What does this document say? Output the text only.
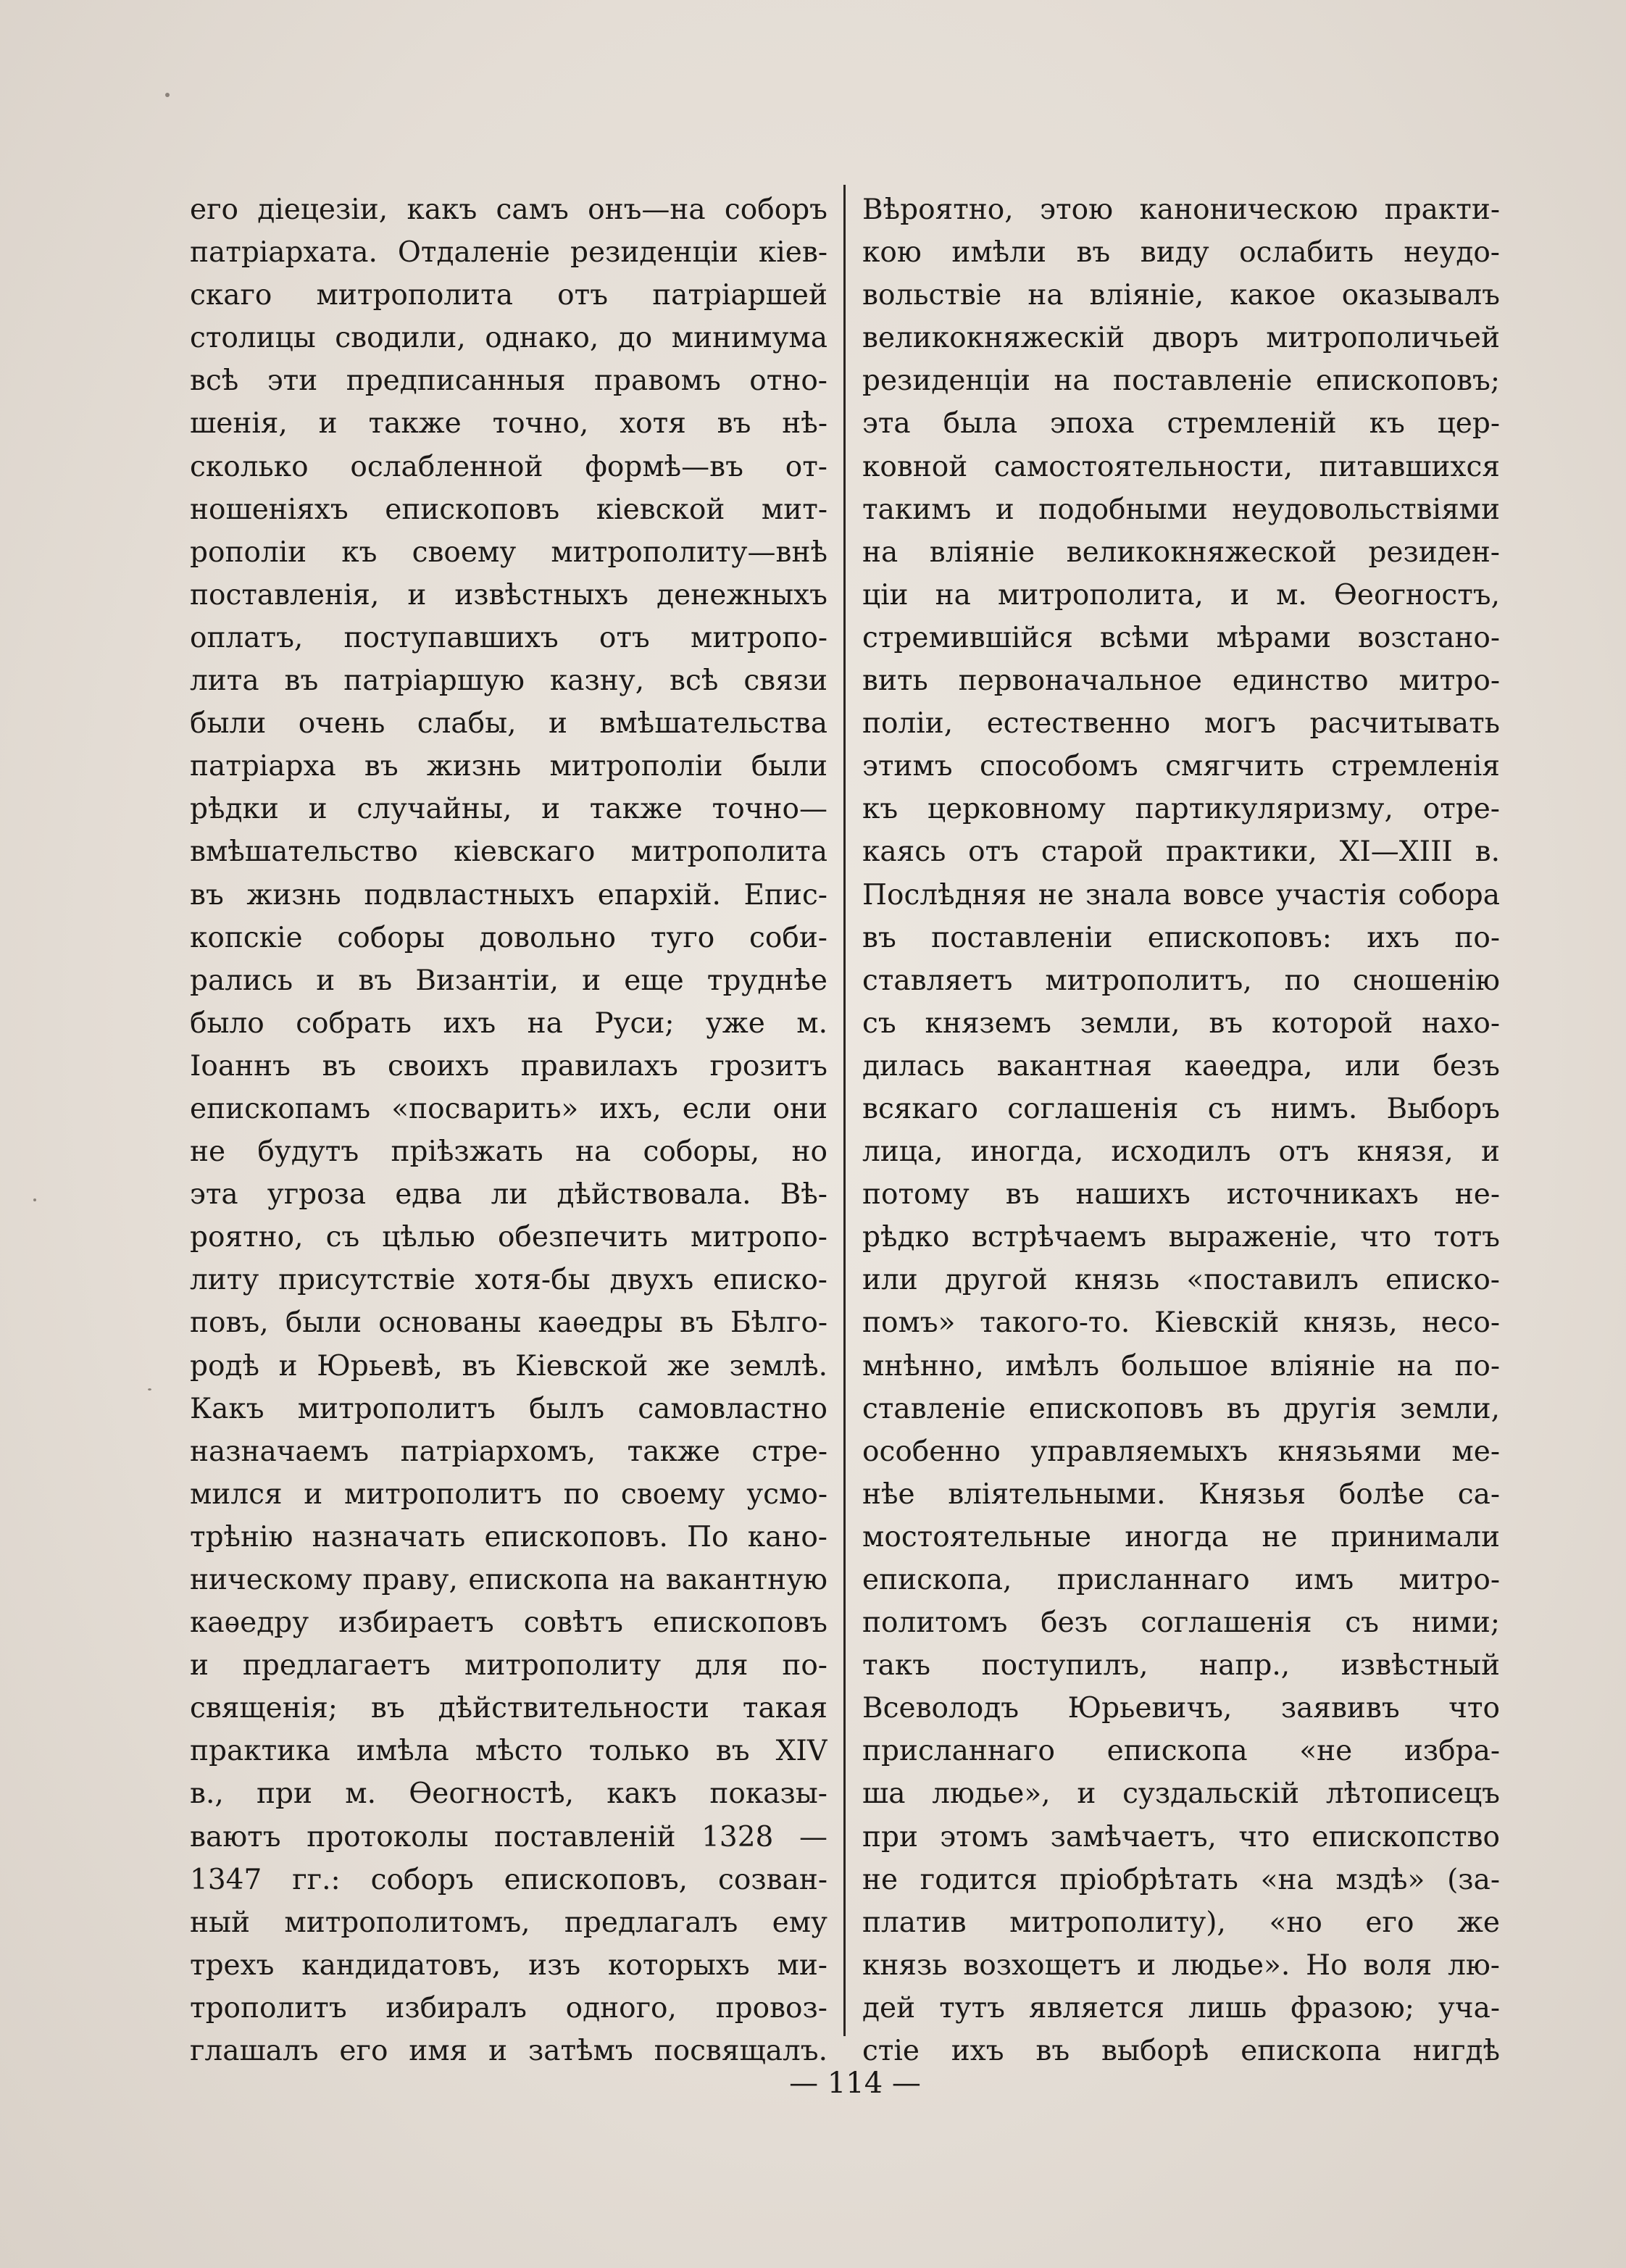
его діецезіи, какъ самъ онъ—на соборъ
патріархата. Отдаленіе резиденціи кіев-
скаго митрополита отъ патріаршей
столицы сводили, однако, до минимума
всѣ эти предписанныя правомъ отно-
шенія, и также точно, хотя въ нѣ-
сколько ослабленной формѣ—въ от-
ношеніяхъ епископовъ кіевской мит-
рополіи къ своему митрополиту—внѣ
поставленія, и извѣстныхъ денежныхъ
оплатъ, поступавшихъ отъ митропо-
лита въ патріаршую казну, всѣ связи
были очень слабы, и вмѣшательства
патріарха въ жизнь митрополіи были
рѣдки и случайны, и также точно—
вмѣшательство кіевскаго митрополита
въ жизнь подвластныхъ епархій. Епис-
копскіе соборы довольно туго соби-
рались и въ Византіи, и еще труднѣе
было собрать ихъ на Руси; уже м.
Іоаннъ въ своихъ правилахъ грозитъ
епископамъ «посварить» ихъ, если они
не будутъ пріѣзжать на соборы, но
эта угроза едва ли дѣйствовала. Вѣ-
роятно, съ цѣлью обезпечить митропо-
литу присутствіе хотя-бы двухъ еписко-
повъ, были основаны каѳедры въ Бѣлго-
родѣ и Юрьевѣ, въ Кіевской же землѣ.
Какъ митрополитъ былъ самовластно
назначаемъ патріархомъ, также стре-
мился и митрополитъ по своему усмо-
трѣнію назначать епископовъ. По кано-
ническому праву, епископа на вакантную
каѳедру избираетъ совѣтъ епископовъ
и предлагаетъ митрополиту для по-
священія; въ дѣйствительности такая
практика имѣла мѣсто только въ XIV
в., при м. Ѳеогностѣ, какъ показы-
ваютъ протоколы поставленій 1328 —
1347 гг.: соборъ епископовъ, созван-
ный митрополитомъ, предлагалъ ему
трехъ кандидатовъ, изъ которыхъ ми-
трополитъ избиралъ одного, провоз-
глашалъ его имя и затѣмъ посвящалъ.
Вѣроятно, этою каноническою практи-
кою имѣли въ виду ослабить неудо-
вольствіе на вліяніе, какое оказывалъ
великокняжескій дворъ митрополичьей
резиденціи на поставленіе епископовъ;
эта была эпоха стремленій къ цер-
ковной самостоятельности, питавшихся
такимъ и подобными неудовольствіями
на вліяніе великокняжеской резиден-
ціи на митрополита, и м. Ѳеогностъ,
стремившійся всѣми мѣрами возстано-
вить первоначальное единство митро-
поліи, естественно могъ расчитывать
этимъ способомъ смягчить стремленія
къ церковному партикуляризму, отре-
каясь отъ старой практики, XI—XIII в.
Послѣдняя не знала вовсе участія собора
въ поставленіи епископовъ: ихъ по-
ставляетъ митрополитъ, по сношенію
съ княземъ земли, въ которой нахо-
дилась вакантная каѳедра, или безъ
всякаго соглашенія съ нимъ. Выборъ
лица, иногда, исходилъ отъ князя, и
потому въ нашихъ источникахъ не-
рѣдко встрѣчаемъ выраженіе, что тотъ
или другой князь «поставилъ еписко-
помъ» такого-то. Кіевскій князь, несо-
мнѣнно, имѣлъ большое вліяніе на по-
ставленіе епископовъ въ другія земли,
особенно управляемыхъ князьями ме-
нѣе вліятельными. Князья болѣе са-
мостоятельные иногда не принимали
епископа, присланнаго имъ митро-
политомъ безъ соглашенія съ ними;
такъ поступилъ, напр., извѣстный
Всеволодъ Юрьевичъ, заявивъ что
присланнаго епископа «не избра-
ша людье», и суздальскій лѣтописецъ
при этомъ замѣчаетъ, что епископство
не годится пріобрѣтать «на мздѣ» (за-
платив митрополиту), «но его же
князь возхощетъ и людье». Но воля лю-
дей тутъ является лишь фразою; уча-
стіе ихъ въ выборѣ епископа нигдѣ
— 114 —
